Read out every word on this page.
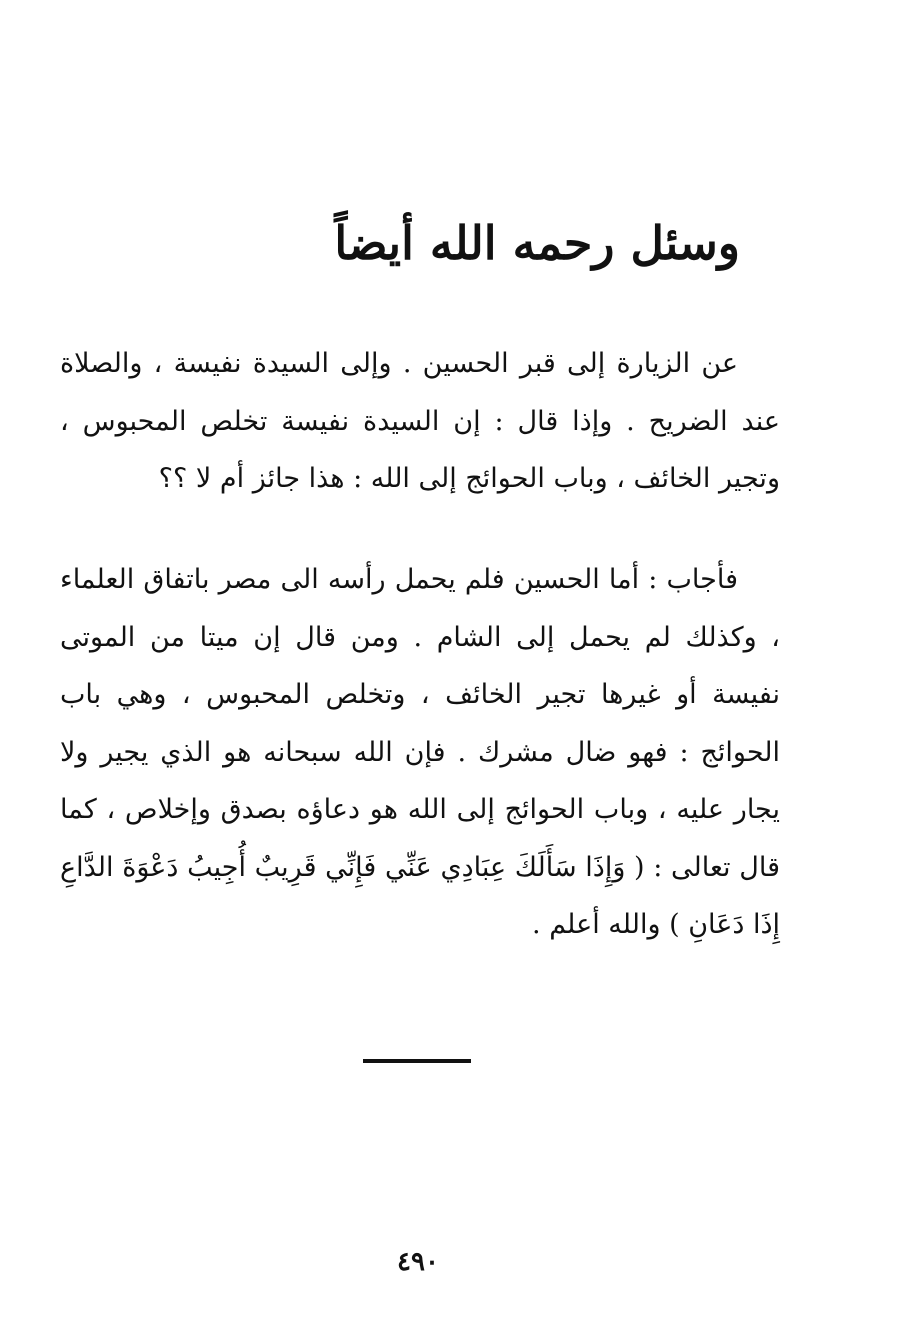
وسئل رحمه الله أيضاً

عن الزيارة إلى قبر الحسين . وإلى السيدة نفيسة ، والصلاة عند الضريح . وإذا قال : إن السيدة نفيسة تخلص المحبوس ، وتجير الخائف ، وباب الحوائج إلى الله : هذا جائز أم لا ؟؟

فأجاب : أما الحسين فلم يحمل رأسه الى مصر باتفاق العلماء ، وكذلك لم يحمل إلى الشام . ومن قال إن ميتا من الموتى نفيسة أو غيرها تجير الخائف ، وتخلص المحبوس ، وهي باب الحوائج : فهو ضال مشرك . فإن الله سبحانه هو الذي يجير ولا يجار عليه ، وباب الحوائج إلى الله هو دعاؤه بصدق وإخلاص ، كما قال تعالى : ( وَإِذَا سَأَلَكَ عِبَادِي عَنِّي فَإِنِّي قَرِيبٌ أُجِيبُ دَعْوَةَ الدَّاعِ إِذَا دَعَانِ ) والله أعلم .

٤٩٠
